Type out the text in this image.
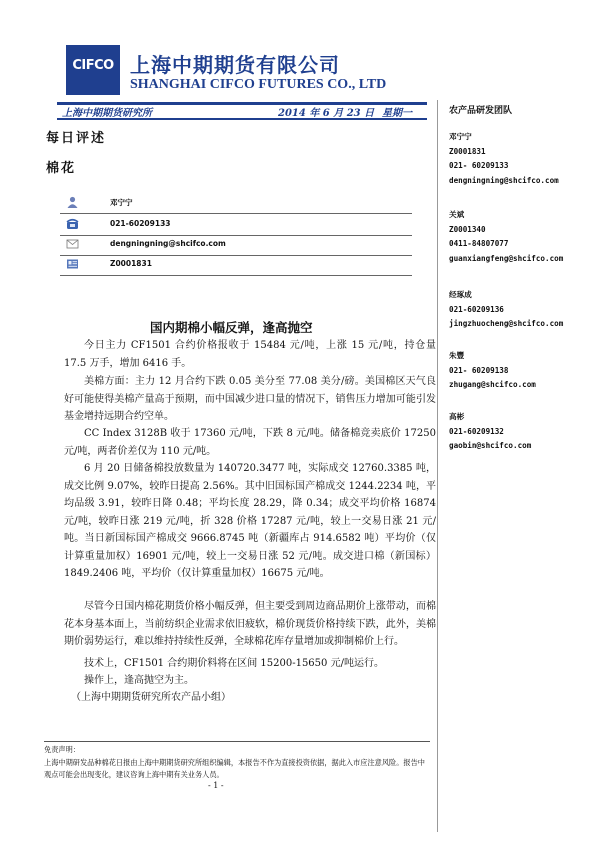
CIFCO 上海中期期货有限公司
SHANGHAI CIFCO FUTURES CO., LTD
上海中期期货研究所	2014 年 6 月 23 日 星期一
每日评述
棉花
邓宁宁
021-60209133
dengningning@shcifco.com
Z0001831
国内期棉小幅反弹，逢高抛空
今日主力 CF1501 合约价格报收于 15484 元/吨，上涨 15 元/吨，持仓量 17.5 万手，增加 6416 手。
美棉方面：主力 12 月合约下跌 0.05 美分至 77.08 美分/磅。美国棉区天气良好可能使得美棉产量高于预期，而中国减少进口量的情况下，销售压力增加可能引发基金增持远期合约空单。
CC Index 3128B 收于 17360 元/吨，下跌 8 元/吨。储备棉竞卖底价 17250 元/吨，两者价差仅为 110 元/吨。
6 月 20 日储备棉投放数量为 140720.3477 吨，实际成交 12760.3385 吨，成交比例 9.07%，较昨日提高 2.56%。其中旧国标国产棉成交 1244.2234 吨，平均品级 3.91，较昨日降 0.48；平均长度 28.29，降 0.34；成交平均价格 16874 元/吨，较昨日涨 219 元/吨，折 328 价格 17287 元/吨，较上一交易日涨 21 元/吨。当日新国标国产棉成交 9666.8745 吨（新疆库占 914.6582 吨）平均价（仅计算重量加权）16901 元/吨，较上一交易日涨 52 元/吨。成交进口棉（新国标）1849.2406 吨，平均价（仅计算重量加权）16675 元/吨。
尽管今日国内棉花期货价格小幅反弹，但主要受到周边商品期价上涨带动，而棉花本身基本面上，当前纺织企业需求依旧疲软，棉价现货价格持续下跌，此外，美棉期价弱势运行，难以维持持续性反弹，全球棉花库存量增加或抑制棉价上行。
技术上，CF1501 合约期价料将在区间 15200-15650 元/吨运行。
操作上，逢高抛空为主。
（上海中期期货研究所农产品小组）
农产品研发团队
邓宁宁
Z0001831
021- 60209133
dengningning@shcifco.com
关斌
Z0001340
0411-84807077
guanxiangfeng@shcifco.com
经琢成
021-60209136
jingzhuocheng@shcifco.com
朱豐
021- 60209138
zhugang@shcifco.com
高彬
021-60209132
gaobin@shcifco.com
免责声明：
上海中期研发品种棉花日报由上海中期期货研究所组织编辑，本报告不作为直接投资依据，据此入市应注意风险。报告中观点可能会出现变化，建议咨询上海中期有关业务人员。
- 1 -
